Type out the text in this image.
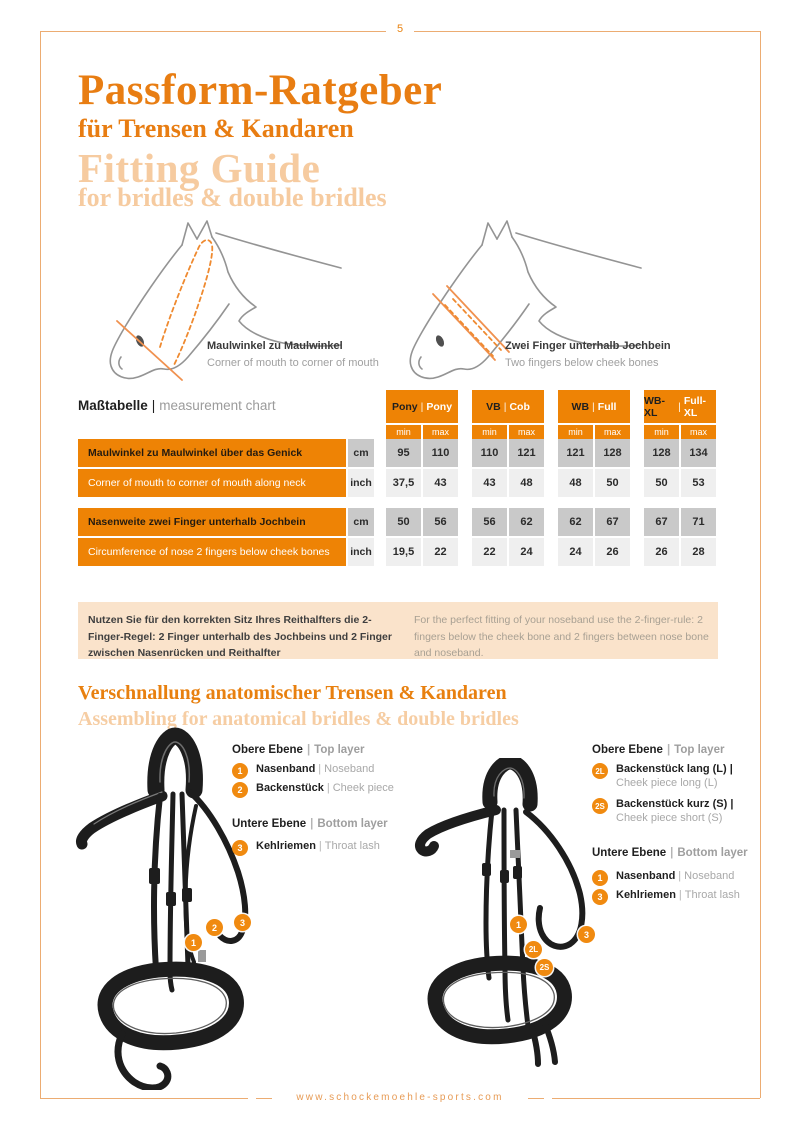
5
www.schockemoehle-sports.com
Passform-Ratgeber
für Trensen & Kandaren
Fitting Guide
for bridles & double bridles
Maulwinkel zu Maulwinkel
Corner of mouth to corner of mouth
Zwei Finger unterhalb Jochbein
Two fingers below cheek bones
Maßtabelle | measurement chart	Pony | Pony	VB | Cob	WB | Full	WB-XL	| Full-XL
min	max	min	max	min	max	min	max
Maulwinkel zu Maulwinkel über das Genick	cm	95	110	110	121	121	128	128	134
Corner of mouth to corner of mouth along neck	inch	37,5	43	43	48	48	50	50	53
Nasenweite zwei Finger unterhalb Jochbein	cm	50	56	56	62	62	67	67	71
Circumference of nose 2 fingers below cheek bones	inch	19,5	22	22	24	24	26	26	28
Nutzen Sie für den korrekten Sitz Ihres Reithalfters die 2-Finger-Regel: 2 Finger unterhalb des Jochbeins und 2 Finger zwischen Nasenrücken und Reithalfter
For the perfect fitting of your noseband use the 2-finger-rule: 2 fingers below the cheek bone and 2 fingers between nose bone and noseband.
Verschnallung anatomischer Trensen & Kandaren
Assembling for anatomical bridles & double bridles
1
2	3	1
2L
2S
3
Obere Ebene | Top layer
1	Nasenband | Noseband
2	Backenstück | Cheek piece
Untere Ebene | Bottom layer
3	Kehlriemen | Throat lash
Obere Ebene | Top layer
2L	Backenstück lang (L) |
Cheek piece long (L)
2S Backenstück kurz (S) |
Cheek piece short (S)
Untere Ebene | Bottom layer
1	Nasenband | Noseband
3	Kehlriemen | Throat lash
